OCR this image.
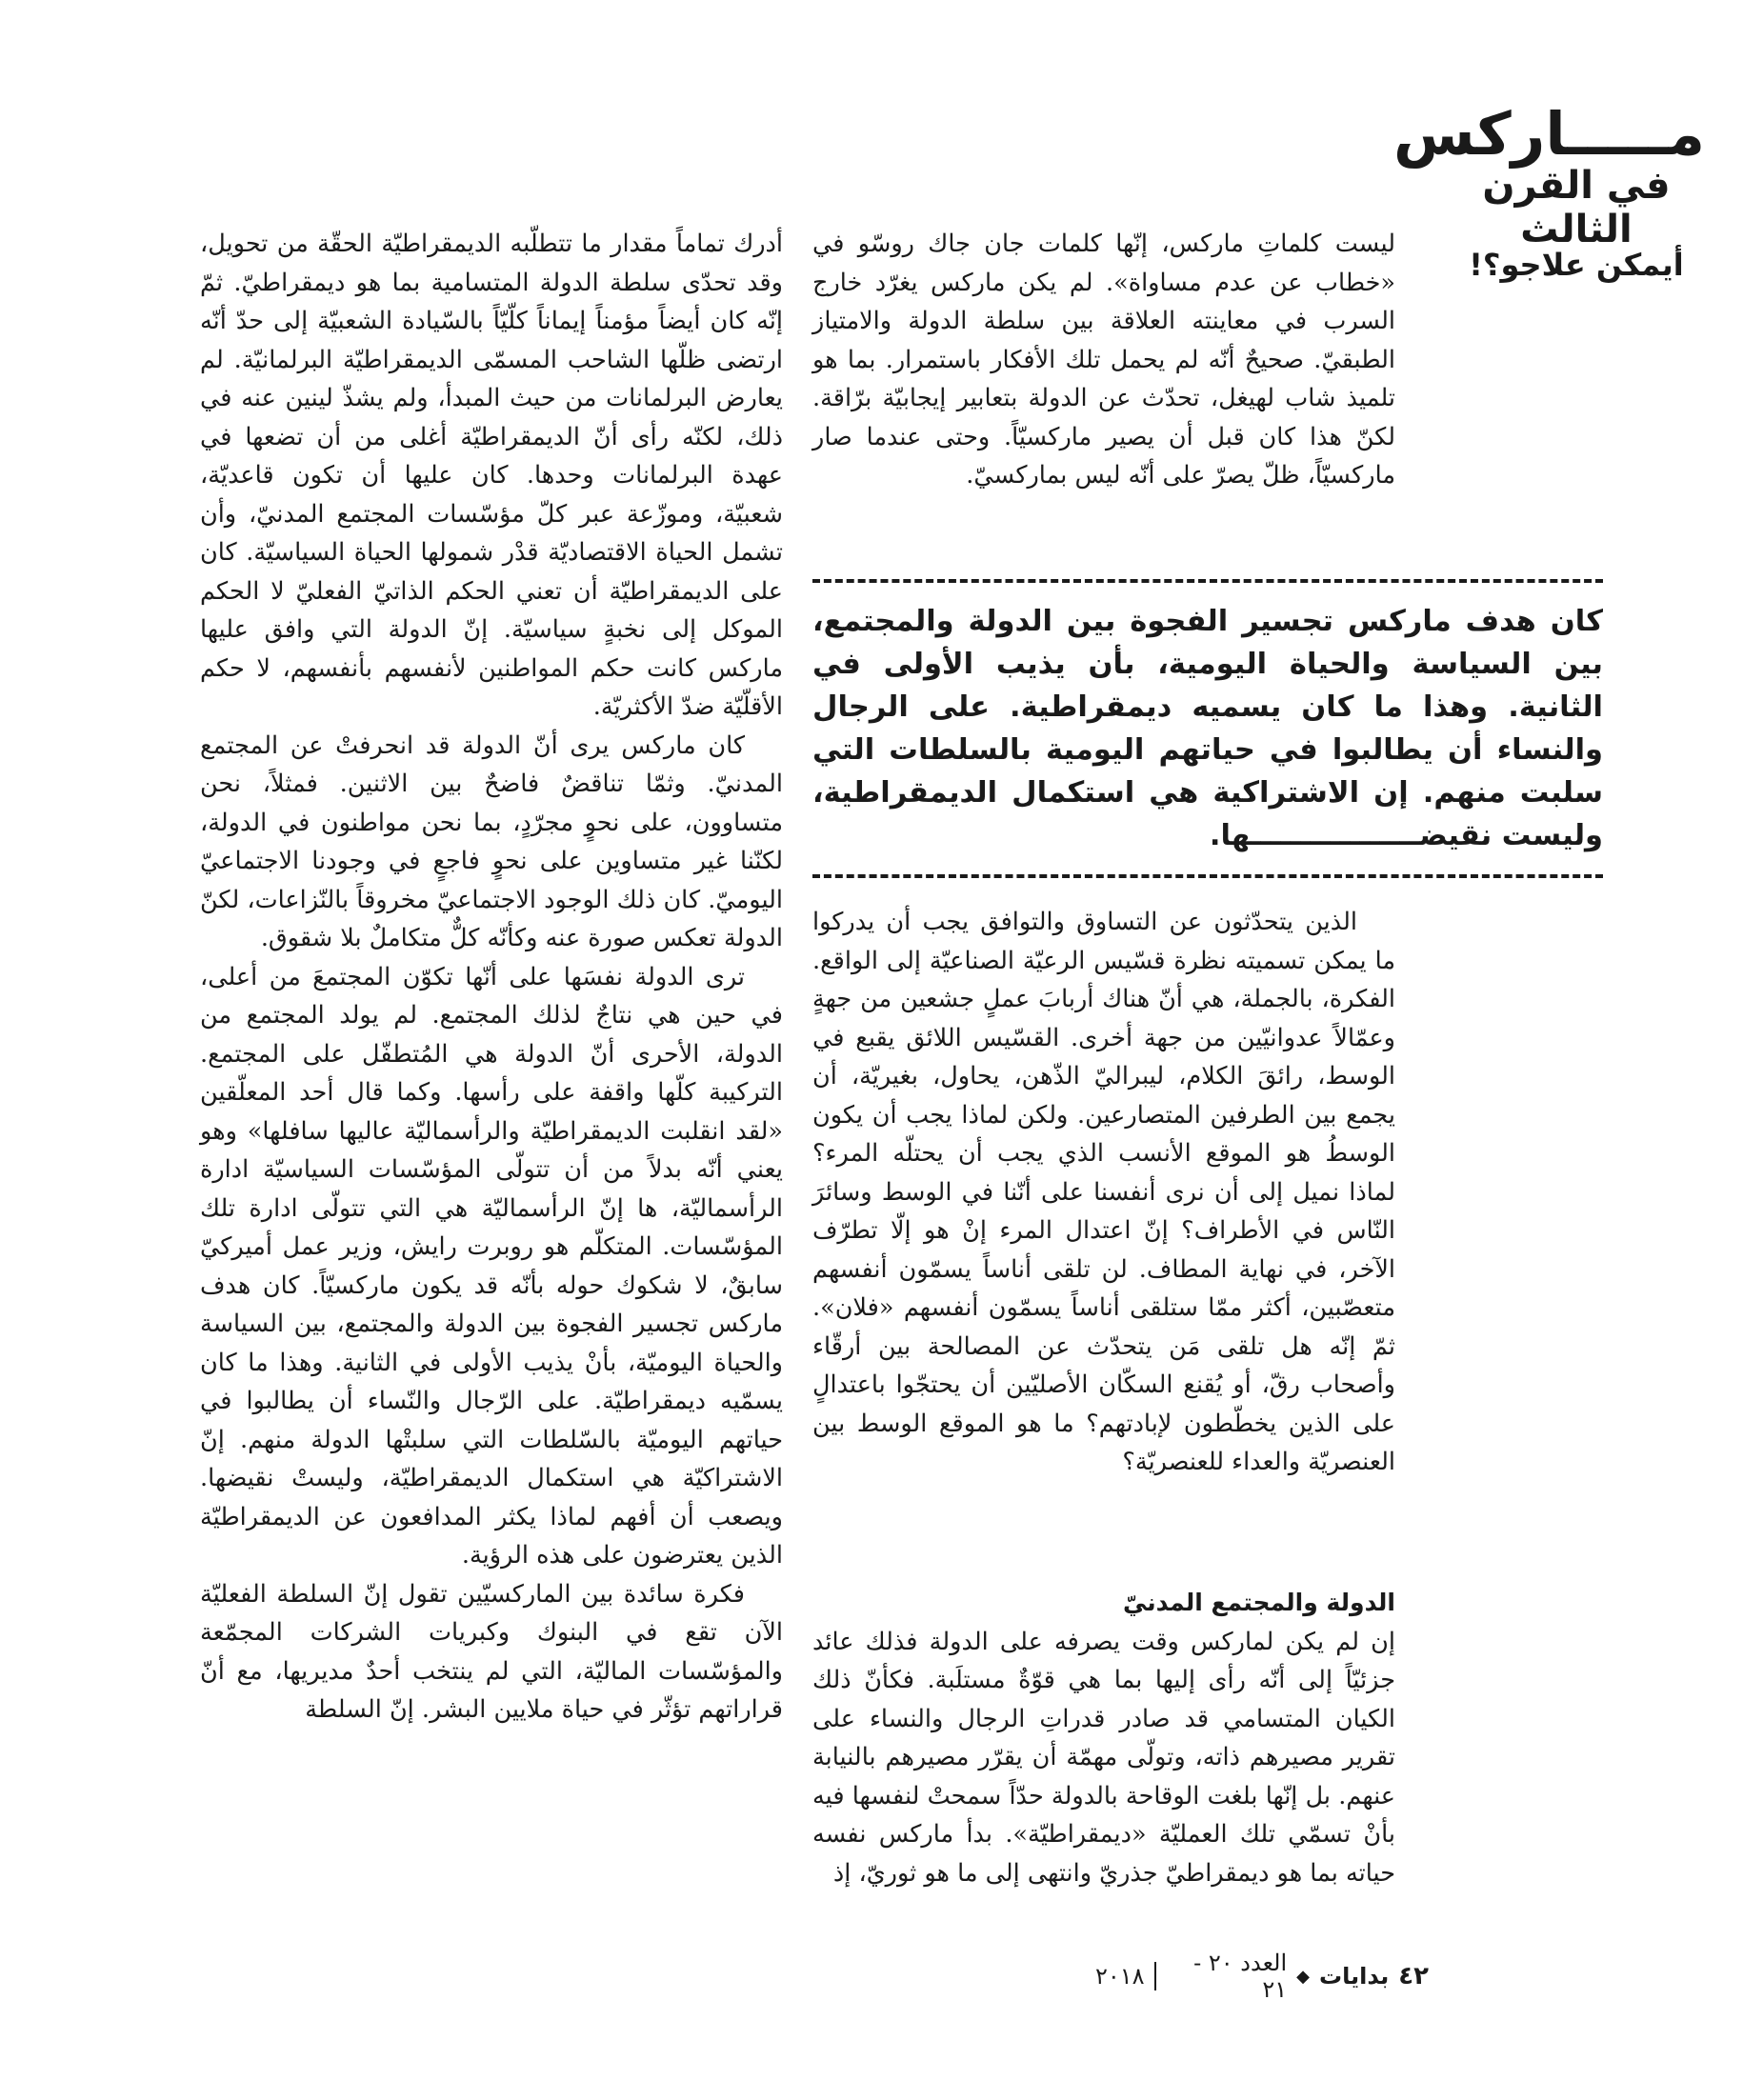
مـــــاركس
في القرن الثالث
أيمكن علاجو؟!

ليست كلماتِ ماركس، إنّها كلمات جان جاك روسّو في «خطاب عن عدم مساواة». لم يكن ماركس يغرّد خارج السرب في معاينته العلاقة بين سلطة الدولة والامتياز الطبقيّ. صحيحٌ أنّه لم يحمل تلك الأفكار باستمرار. بما هو تلميذ شاب لهيغل، تحدّث عن الدولة بتعابير إيجابيّة برّاقة. لكنّ هذا كان قبل أن يصير ماركسيّاً. وحتى عندما صار ماركسيّاً، ظلّ يصرّ على أنّه ليس بماركسيّ.

كان هدف ماركس تجسير الفجوة بين الدولة والمجتمع، بين السياسة والحياة اليومية، بأن يذيب الأولى في الثانية. وهذا ما كان يسميه ديمقراطية. على الرجال والنساء أن يطالبوا في حياتهم اليومية بالسلطات التي سلبت منهم. إن الاشتراكية هي استكمال الديمقراطية، وليست نقيضـــــــــــــــــها.

الذين يتحدّثون عن التساوق والتوافق يجب أن يدركوا ما يمكن تسميته نظرة قسّيس الرعيّة الصناعيّة إلى الواقع. الفكرة، بالجملة، هي أنّ هناك أربابَ عملٍ جشعين من جهةٍ وعمّالاً عدوانيّين من جهة أخرى. القسّيس اللائق يقبع في الوسط، رائقَ الكلام، ليبراليّ الذّهن، يحاول، بغيريّة، أن يجمع بين الطرفين المتصارعين. ولكن لماذا يجب أن يكون الوسطُ هو الموقع الأنسب الذي يجب أن يحتلّه المرء؟ لماذا نميل إلى أن نرى أنفسنا على أنّنا في الوسط وسائرَ النّاس في الأطراف؟ إنّ اعتدال المرء إنْ هو إلّا تطرّف الآخر، في نهاية المطاف. لن تلقى أناساً يسمّون أنفسهم متعصّبين، أكثر ممّا ستلقى أناساً يسمّون أنفسهم «فلان». ثمّ إنّه هل تلقى مَن يتحدّث عن المصالحة بين أرقّاء وأصحاب رقّ، أو يُقنع السكّان الأصليّين أن يحتجّوا باعتدالٍ على الذين يخطّطون لإبادتهم؟ ما هو الموقع الوسط بين العنصريّة والعداء للعنصريّة؟

الدولة والمجتمع المدنيّ

إن لم يكن لماركس وقت يصرفه على الدولة فذلك عائد جزئيّاً إلى أنّه رأى إليها بما هي قوّةٌ مستلَبة. فكأنّ ذلك الكيان المتسامي قد صادر قدراتِ الرجال والنساء على تقرير مصيرهم ذاته، وتولّى مهمّة أن يقرّر مصيرهم بالنيابة عنهم. بل إنّها بلغت الوقاحة بالدولة حدّاً سمحتْ لنفسها فيه بأنْ تسمّي تلك العمليّة «ديمقراطيّة». بدأ ماركس نفسه حياته بما هو ديمقراطيّ جذريّ وانتهى إلى ما هو ثوريّ، إذ

أدرك تماماً مقدار ما تتطلّبه الديمقراطيّة الحقّة من تحويل، وقد تحدّى سلطة الدولة المتسامية بما هو ديمقراطيّ. ثمّ إنّه كان أيضاً مؤمناً إيماناً كلّيّاً بالسّيادة الشعبيّة إلى حدّ أنّه ارتضى ظلّها الشاحب المسمّى الديمقراطيّة البرلمانيّة. لم يعارض البرلمانات من حيث المبدأ، ولم يشذّ لينين عنه في ذلك، لكنّه رأى أنّ الديمقراطيّة أغلى من أن تضعها في عهدة البرلمانات وحدها. كان عليها أن تكون قاعديّة، شعبيّة، وموزّعة عبر كلّ مؤسّسات المجتمع المدنيّ، وأن تشمل الحياة الاقتصاديّة قدْر شمولها الحياة السياسيّة. كان على الديمقراطيّة أن تعني الحكم الذاتيّ الفعليّ لا الحكم الموكل إلى نخبةٍ سياسيّة. إنّ الدولة التي وافق عليها ماركس كانت حكم المواطنين لأنفسهم بأنفسهم، لا حكم الأقلّيّة ضدّ الأكثريّة.

كان ماركس يرى أنّ الدولة قد انحرفتْ عن المجتمع المدنيّ. وثمّا تناقضٌ فاضحٌ بين الاثنين. فمثلاً، نحن متساوون، على نحوٍ مجرّدٍ، بما نحن مواطنون في الدولة، لكنّنا غير متساوين على نحوٍ فاجعٍ في وجودنا الاجتماعيّ اليوميّ. كان ذلك الوجود الاجتماعيّ مخروقاً بالنّزاعات، لكنّ الدولة تعكس صورة عنه وكأنّه كلٌّ متكاملٌ بلا شقوق.

ترى الدولة نفسَها على أنّها تكوّن المجتمعَ من أعلى، في حين هي نتاجٌ لذلك المجتمع. لم يولد المجتمع من الدولة، الأحرى أنّ الدولة هي المُتطفّل على المجتمع. التركيبة كلّها واقفة على رأسها. وكما قال أحد المعلّقين «لقد انقلبت الديمقراطيّة والرأسماليّة عاليها سافلها» وهو يعني أنّه بدلاً من أن تتولّى المؤسّسات السياسيّة ادارة الرأسماليّة، ها إنّ الرأسماليّة هي التي تتولّى ادارة تلك المؤسّسات. المتكلّم هو روبرت رايش، وزير عمل أميركيّ سابقٌ، لا شكوك حوله بأنّه قد يكون ماركسيّاً. كان هدف ماركس تجسير الفجوة بين الدولة والمجتمع، بين السياسة والحياة اليوميّة، بأنْ يذيب الأولى في الثانية. وهذا ما كان يسمّيه ديمقراطيّة. على الرّجال والنّساء أن يطالبوا في حياتهم اليوميّة بالسّلطات التي سلبتْها الدولة منهم. إنّ الاشتراكيّة هي استكمال الديمقراطيّة، وليستْ نقيضها. ويصعب أن أفهم لماذا يكثر المدافعون عن الديمقراطيّة الذين يعترضون على هذه الرؤية.

فكرة سائدة بين الماركسيّين تقول إنّ السلطة الفعليّة الآن تقع في البنوك وكبريات الشركات المجمّعة والمؤسّسات الماليّة، التي لم ينتخب أحدٌ مديريها، مع أنّ قراراتهم تؤثّر في حياة ملايين البشر. إنّ السلطة

٤٢
بدايات
◆
العدد ٢٠ - ٢١
٢٠١٨
